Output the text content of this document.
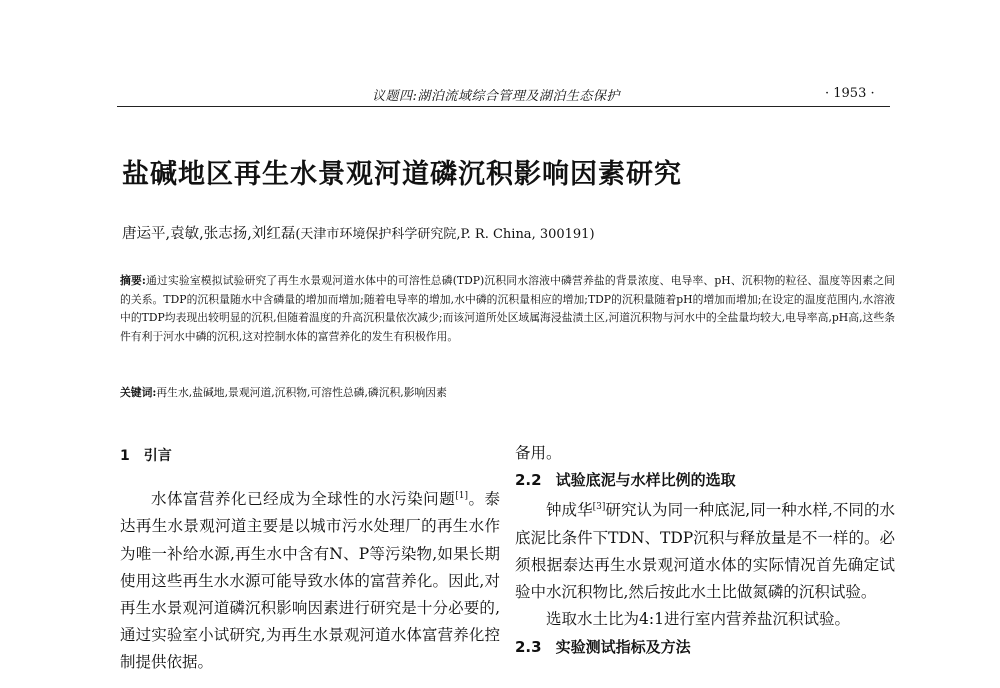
议题四:湖泊流域综合管理及湖泊生态保护	· 1953 ·
盐碱地区再生水景观河道磷沉积影响因素研究
唐运平,袁敏,张志扬,刘红磊(天津市环境保护科学研究院,P. R. China, 300191)
摘要:通过实验室模拟试验研究了再生水景观河道水体中的可溶性总磷(TDP)沉积同水溶液中磷营养盐的背景浓度、电导率、pH、沉积物的粒径、温度等因素之间的关系。TDP的沉积量随水中含磷量的增加而增加;随着电导率的增加,水中磷的沉积量相应的增加;TDP的沉积量随着pH的增加而增加;在设定的温度范围内,水溶液中的TDP均表现出较明显的沉积,但随着温度的升高沉积量依次减少;而该河道所处区域属海浸盐渍土区,河道沉积物与河水中的全盐量均较大,电导率高,pH高,这些条件有利于河水中磷的沉积,这对控制水体的富营养化的发生有积极作用。
关键词:再生水,盐碱地,景观河道,沉积物,可溶性总磷,磷沉积,影响因素
1 引言

水体富营养化已经成为全球性的水污染问题[1]。泰达再生水景观河道主要是以城市污水处理厂的再生水作为唯一补给水源,再生水中含有N、P等污染物,如果长期使用这些再生水水源可能导致水体的富营养化。因此,对再生水景观河道磷沉积影响因素进行研究是十分必要的,通过实验室小试研究,为再生水景观河道水体富营养化控制提供依据。

备用。

2.2 试验底泥与水样比例的选取

钟成华[3]研究认为同一种底泥,同一种水样,不同的水底泥比条件下TDN、TDP沉积与释放量是不一样的。必须根据泰达再生水景观河道水体的实际情况首先确定试验中水沉积物比,然后按此水土比做氮磷的沉积试验。

选取水土比为4:1进行室内营养盐沉积试验。

2.3 实验测试指标及方法
